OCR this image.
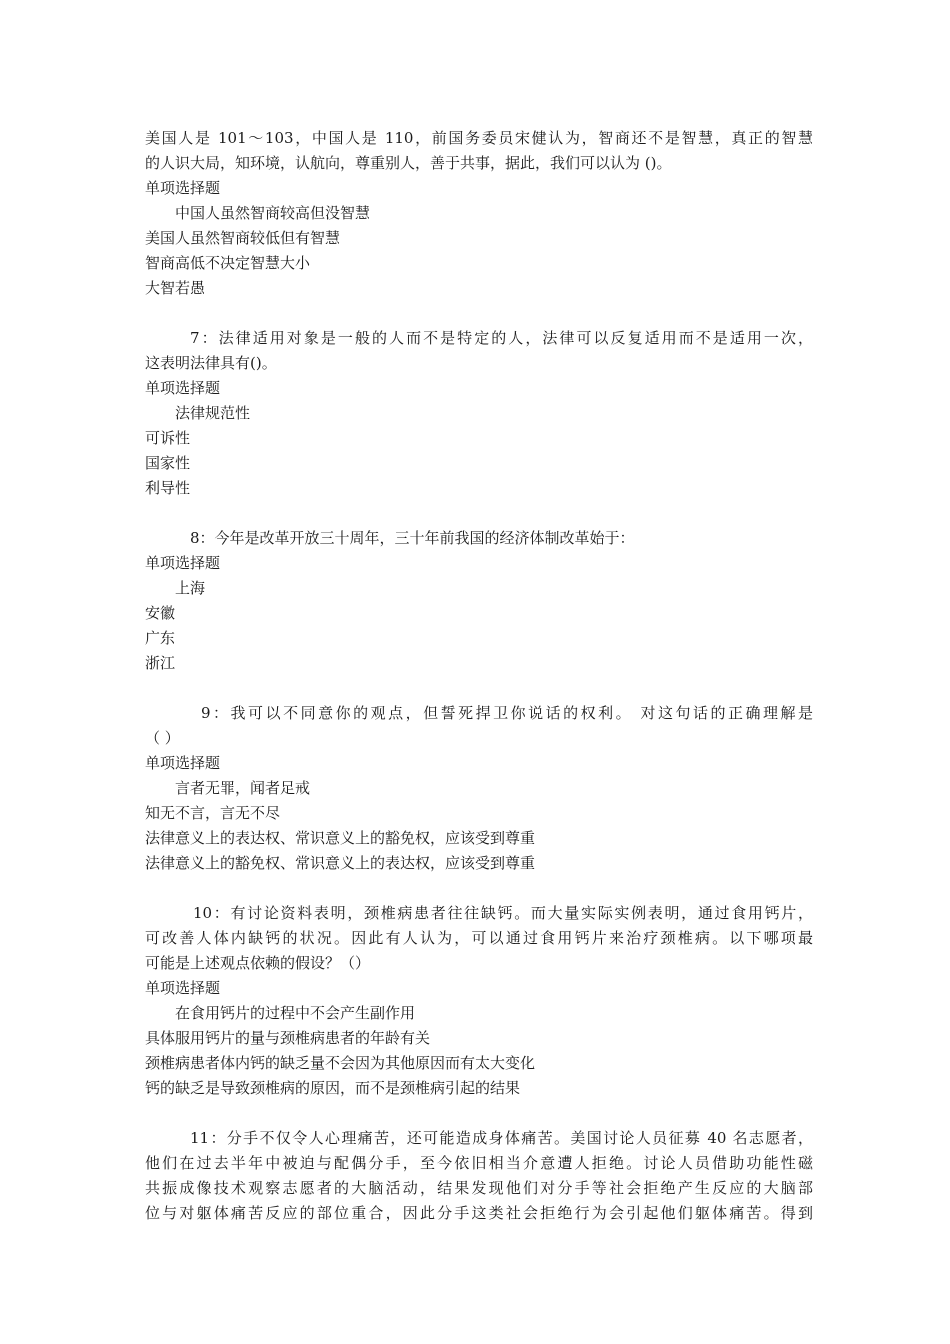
美国人是 101～103，中国人是 110，前国务委员宋健认为，智商还不是智慧，真正的智慧
的人识大局，知环境，认航向，尊重别人，善于共事，据此，我们可以认为 ()。
单项选择题
中国人虽然智商较高但没智慧
美国人虽然智商较低但有智慧
智商高低不决定智慧大小
大智若愚
7：法律适用对象是一般的人而不是特定的人，法律可以反复适用而不是适用一次，
这表明法律具有()。
单项选择题
法律规范性
可诉性
国家性
利导性
8：今年是改革开放三十周年，三十年前我国的经济体制改革始于：
单项选择题
上海
安徽
广东
浙江
9：我可以不同意你的观点，但誓死捍卫你说话的权利。 对这句话的正确理解是
（ ）
单项选择题
言者无罪，闻者足戒
知无不言，言无不尽
法律意义上的表达权、常识意义上的豁免权，应该受到尊重
法律意义上的豁免权、常识意义上的表达权，应该受到尊重
10：有讨论资料表明，颈椎病患者往往缺钙。而大量实际实例表明，通过食用钙片，
可改善人体内缺钙的状况。因此有人认为，可以通过食用钙片来治疗颈椎病。以下哪项最
可能是上述观点依赖的假设？（）
单项选择题
在食用钙片的过程中不会产生副作用
具体服用钙片的量与颈椎病患者的年龄有关
颈椎病患者体内钙的缺乏量不会因为其他原因而有太大变化
钙的缺乏是导致颈椎病的原因，而不是颈椎病引起的结果
11：分手不仅令人心理痛苦，还可能造成身体痛苦。美国讨论人员征募 40 名志愿者，
他们在过去半年中被迫与配偶分手，至今依旧相当介意遭人拒绝。讨论人员借助功能性磁
共振成像技术观察志愿者的大脑活动，结果发现他们对分手等社会拒绝产生反应的大脑部
位与对躯体痛苦反应的部位重合，因此分手这类社会拒绝行为会引起他们躯体痛苦。得到
